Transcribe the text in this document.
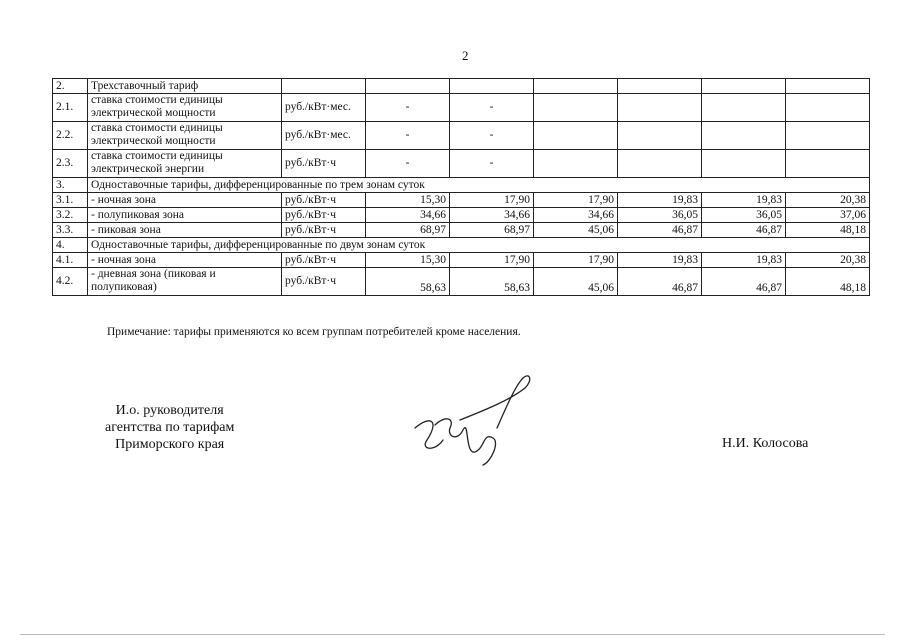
2
2.	Трехставочный тариф							
2.1.	ставка стоимости единицы электрической мощности	руб./кВт·мес.	-	-				
2.2.	ставка стоимости единицы электрической мощности	руб./кВт·мес.	-	-				
2.3.	ставка стоимости единицы электрической энергии	руб./кВт·ч	-	-				
3.	Одноставочные тарифы, дифференцированные по трем зонам суток							
3.1.	- ночная зона	руб./кВт·ч	15,30	17,90	17,90	19,83	19,83	20,38
3.2.	- полупиковая зона	руб./кВт·ч	34,66	34,66	34,66	36,05	36,05	37,06
3.3.	- пиковая зона	руб./кВт·ч	68,97	68,97	45,06	46,87	46,87	48,18
4.	Одноставочные тарифы, дифференцированные по двум зонам суток							
4.1.	- ночная зона	руб./кВт·ч	15,30	17,90	17,90	19,83	19,83	20,38
4.2.	- дневная зона (пиковая и полупиковая)	руб./кВт·ч	58,63	58,63	45,06	46,87	46,87	48,18
Примечание: тарифы применяются ко всем группам потребителей кроме населения.
И.о. руководителя
агентства по тарифам
Приморского края	Н.И. Колосова
